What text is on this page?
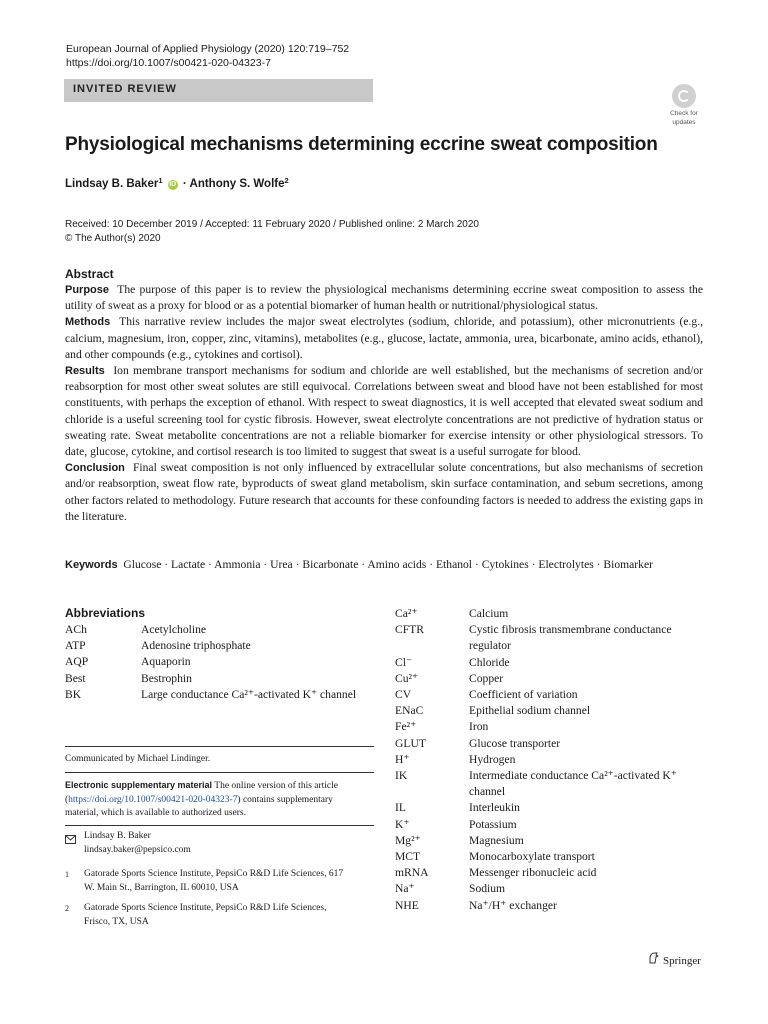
European Journal of Applied Physiology (2020) 120:719–752
https://doi.org/10.1007/s00421-020-04323-7
INVITED REVIEW
Check for
updates
Physiological mechanisms determining eccrine sweat composition
Lindsay B. Baker$^1$ iD · Anthony S. Wolfe$^2$
Received: 10 December 2019 / Accepted: 11 February 2020 / Published online: 2 March 2020
© The Author(s) 2020
Abstract

Purpose The purpose of this paper is to review the physiological mechanisms determining eccrine sweat composition to assess the utility of sweat as a proxy for blood or as a potential biomarker of human health or nutritional/physiological status.

Methods This narrative review includes the major sweat electrolytes (sodium, chloride, and potassium), other micronutrients (e.g., calcium, magnesium, iron, copper, zinc, vitamins), metabolites (e.g., glucose, lactate, ammonia, urea, bicarbonate, amino acids, ethanol), and other compounds (e.g., cytokines and cortisol).

Results Ion membrane transport mechanisms for sodium and chloride are well established, but the mechanisms of secretion and/or reabsorption for most other sweat solutes are still equivocal. Correlations between sweat and blood have not been established for most constituents, with perhaps the exception of ethanol. With respect to sweat diagnostics, it is well accepted that elevated sweat sodium and chloride is a useful screening tool for cystic fibrosis. However, sweat electrolyte concentrations are not predictive of hydration status or sweating rate. Sweat metabolite concentrations are not a reliable biomarker for exercise intensity or other physiological stressors. To date, glucose, cytokine, and cortisol research is too limited to suggest that sweat is a useful surrogate for blood.

Conclusion Final sweat composition is not only influenced by extracellular solute concentrations, but also mechanisms of secretion and/or reabsorption, sweat flow rate, byproducts of sweat gland metabolism, skin surface contamination, and sebum secretions, among other factors related to methodology. Future research that accounts for these confounding factors is needed to address the existing gaps in the literature.

Keywords Glucose · Lactate · Ammonia · Urea · Bicarbonate · Amino acids · Ethanol · Cytokines · Electrolytes · Biomarker
Abbreviations
ACh	Acetylcholine
ATP	Adenosine triphosphate
AQP	Aquaporin
Best	Bestrophin
BK	Large conductance Ca²⁺-activated K⁺ channel
Ca²⁺	Calcium
CFTR	Cystic fibrosis transmembrane conductance regulator
Cl⁻	Chloride
Cu²⁺	Copper
CV	Coefficient of variation
ENaC	Epithelial sodium channel
Fe²⁺	Iron
GLUT	Glucose transporter
H⁺	Hydrogen
IK	Intermediate conductance Ca²⁺-activated K⁺ channel
IL	Interleukin
K⁺	Potassium
Mg²⁺	Magnesium
MCT	Monocarboxylate transport
mRNA	Messenger ribonucleic acid
Na⁺	Sodium
NHE	Na⁺/H⁺ exchanger
Communicated by Michael Lindinger.
Electronic supplementary material The online version of this article (https://doi.org/10.1007/s00421-020-04323-7) contains supplementary material, which is available to authorized users.
Lindsay B. Baker
lindsay.baker@pepsico.com
1	Gatorade Sports Science Institute, PepsiCo R&D Life Sciences, 617 W. Main St., Barrington, IL 60010, USA
2	Gatorade Sports Science Institute, PepsiCo R&D Life Sciences, Frisco, TX, USA
Springer
